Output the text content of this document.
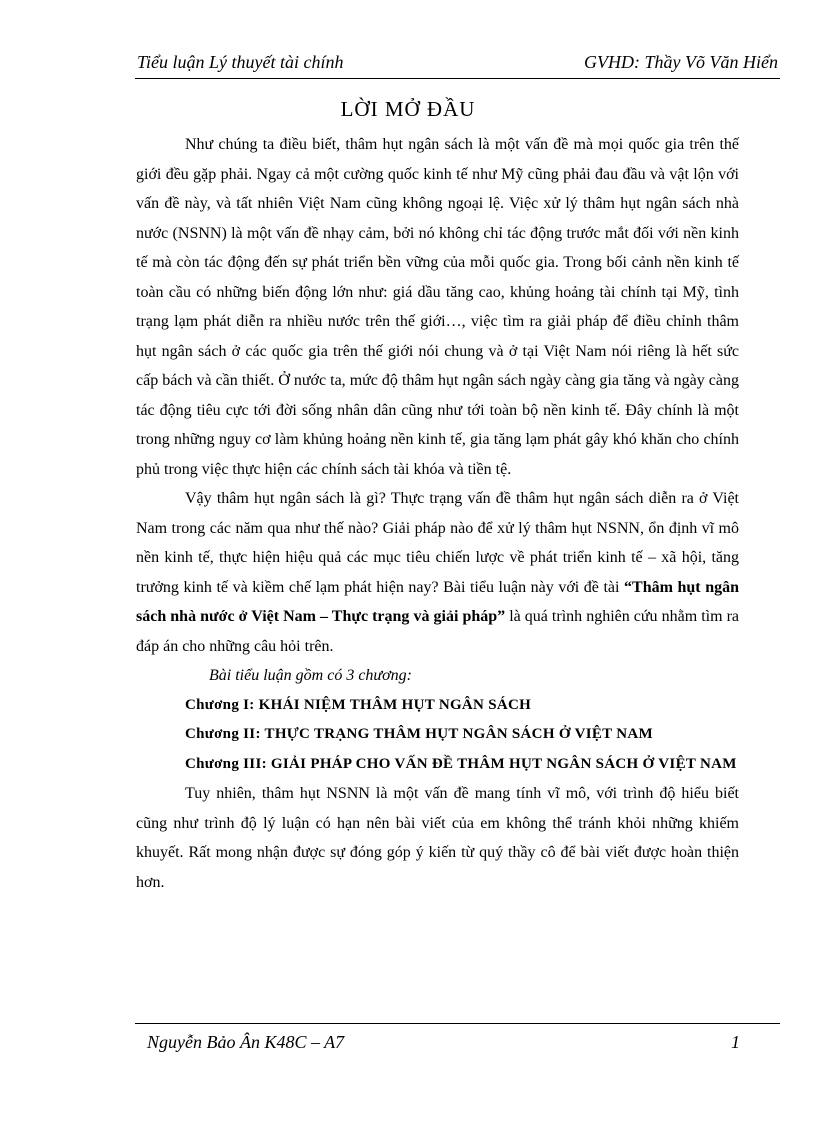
Tiểu luận Lý thuyết tài chính	GVHD: Thầy Võ Văn Hiển
LỜI MỞ ĐẦU

Như chúng ta điều biết, thâm hụt ngân sách là một vấn đề mà mọi quốc gia trên thế giới đều gặp phải. Ngay cả một cường quốc kinh tế như Mỹ cũng phải đau đầu và vật lộn với vấn đề này, và tất nhiên Việt Nam cũng không ngoại lệ. Việc xử lý thâm hụt ngân sách nhà nước (NSNN) là một vấn đề nhạy cảm, bởi nó không chỉ tác động trước mắt đối với nền kinh tế mà còn tác động đến sự phát triển bền vững của mỗi quốc gia. Trong bối cảnh nền kinh tế toàn cầu có những biến động lớn như: giá dầu tăng cao, khủng hoảng tài chính tại Mỹ, tình trạng lạm phát diễn ra nhiều nước trên thế giới…, việc tìm ra giải pháp để điều chỉnh thâm hụt ngân sách ở các quốc gia trên thế giới nói chung và ở tại Việt Nam nói riêng là hết sức cấp bách và cần thiết. Ở nước ta, mức độ thâm hụt ngân sách ngày càng gia tăng và ngày càng tác động tiêu cực tới đời sống nhân dân cũng như tới toàn bộ nền kinh tế. Đây chính là một trong những nguy cơ làm khủng hoảng nền kinh tế, gia tăng lạm phát gây khó khăn cho chính phủ trong việc thực hiện các chính sách tài khóa và tiền tệ.

Vậy thâm hụt ngân sách là gì? Thực trạng vấn đề thâm hụt ngân sách diễn ra ở Việt Nam trong các năm qua như thế nào? Giải pháp nào để xử lý thâm hụt NSNN, ổn định vĩ mô nền kinh tế, thực hiện hiệu quả các mục tiêu chiến lược về phát triển kinh tế – xã hội, tăng trưởng kinh tế và kiềm chế lạm phát hiện nay? Bài tiểu luận này với đề tài “Thâm hụt ngân sách nhà nước ở Việt Nam – Thực trạng và giải pháp” là quá trình nghiên cứu nhằm tìm ra đáp án cho những câu hỏi trên.

Bài tiểu luận gồm có 3 chương:

Chương I: KHÁI NIỆM THÂM HỤT NGÂN SÁCH

Chương II: THỰC TRẠNG THÂM HỤT NGÂN SÁCH Ở VIỆT NAM

Chương III: GIẢI PHÁP CHO VẤN ĐỀ THÂM HỤT NGÂN SÁCH Ở VIỆT NAM

Tuy nhiên, thâm hụt NSNN là một vấn đề mang tính vĩ mô, với trình độ hiểu biết cũng như trình độ lý luận có hạn nên bài viết của em không thể tránh khỏi những khiếm khuyết. Rất mong nhận được sự đóng góp ý kiến từ quý thầy cô để bài viết được hoàn thiện hơn.

Nguyễn Bảo Ân K48C – A7	1
